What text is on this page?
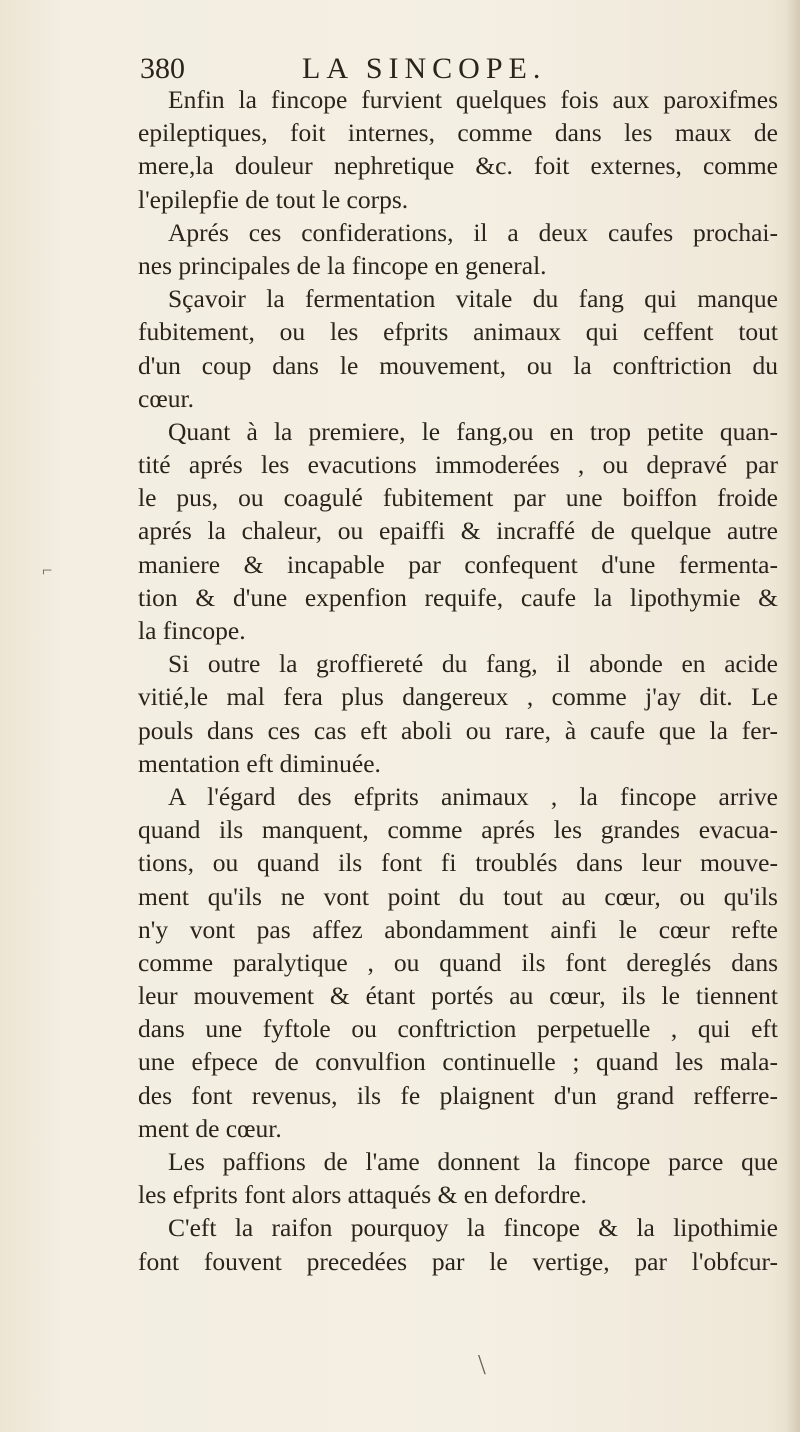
380	LA SINCOPE.
Enfin la fincope furvient quelques fois aux paroxifmes
epileptiques, foit internes, comme dans les maux de
mere,la douleur nephretique &c. foit externes, comme
l'epilepfie de tout le corps.
Aprés ces confiderations, il a deux caufes prochai-
nes principales de la fincope en general.
Sçavoir la fermentation vitale du fang qui manque
fubitement, ou les efprits animaux qui ceffent tout
d'un coup dans le mouvement, ou la conftriction du
cœur.
Quant à la premiere, le fang,ou en trop petite quan-
tité aprés les evacutions immoderées , ou depravé par
le pus, ou coagulé fubitement par une boiffon froide
aprés la chaleur, ou epaiffi & incraffé de quelque autre
maniere & incapable par confequent d'une fermenta-
tion & d'une expenfion requife, caufe la lipothymie &
la fincope.
Si outre la groffiereté du fang, il abonde en acide
vitié,le mal fera plus dangereux , comme j'ay dit. Le
pouls dans ces cas eft aboli ou rare, à caufe que la fer-
mentation eft diminuée.
A l'égard des efprits animaux , la fincope arrive
quand ils manquent, comme aprés les grandes evacua-
tions, ou quand ils font fi troublés dans leur mouve-
ment qu'ils ne vont point du tout au cœur, ou qu'ils
n'y vont pas affez abondamment ainfi le cœur refte
comme paralytique , ou quand ils font dereglés dans
leur mouvement & étant portés au cœur, ils le tiennent
dans une fyftole ou conftriction perpetuelle , qui eft
une efpece de convulfion continuelle ; quand les mala-
des font revenus, ils fe plaignent d'un grand refferre-
ment de cœur.
Les paffions de l'ame donnent la fincope parce que
les efprits font alors attaqués & en defordre.
C'eft la raifon pourquoy la fincope & la lipothimie
font fouvent precedées par le vertige, par l'obfcur-
\
⌐
